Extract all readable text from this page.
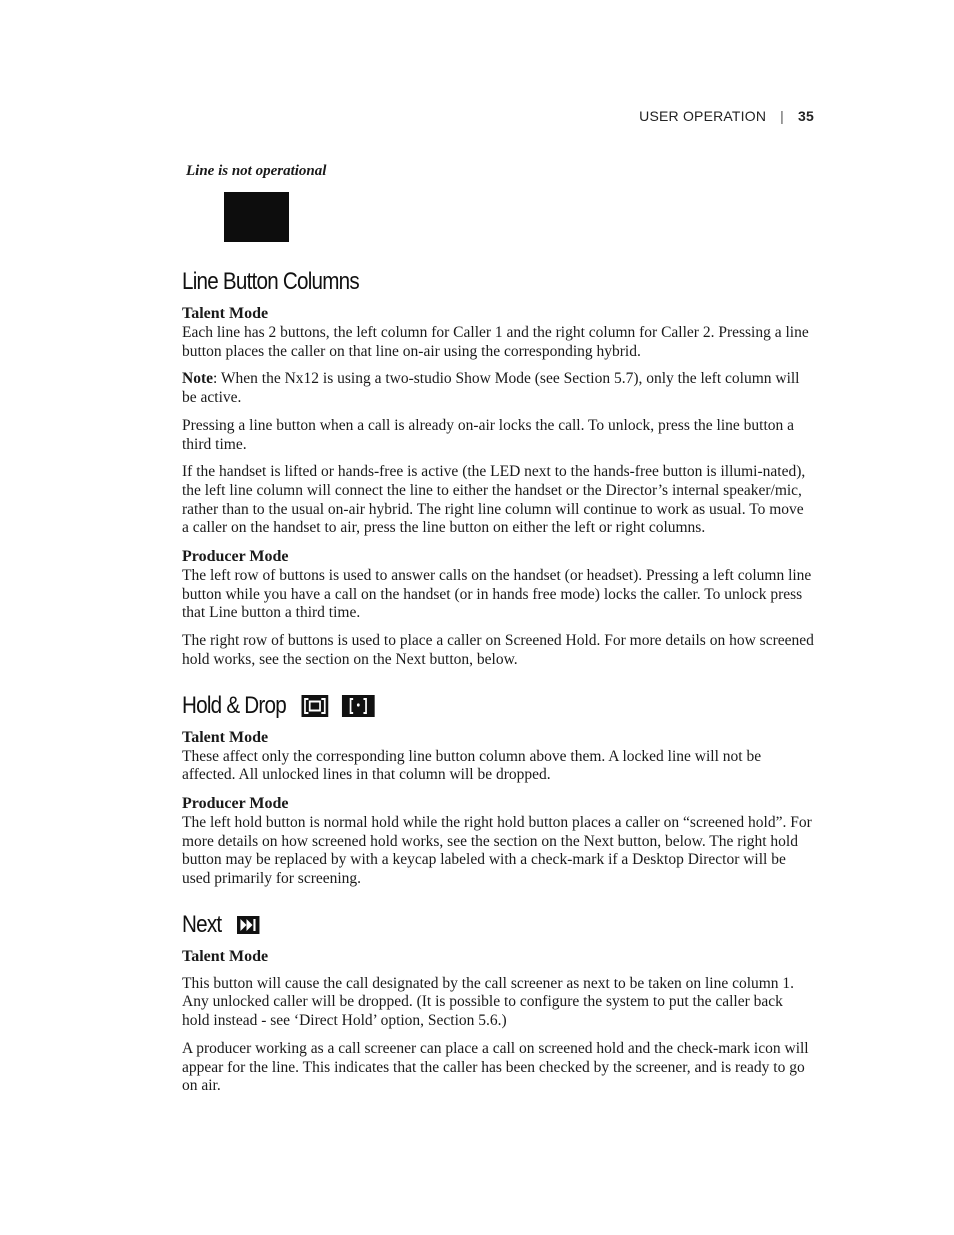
USER OPERATION | 35
Line is not operational
Line Button Columns
Talent Mode

Each line has 2 buttons, the left column for Caller 1 and the right column for Caller 2. Pressing a line button places the caller on that line on-air using the corresponding hybrid.

Note: When the Nx12 is using a two-studio Show Mode (see Section 5.7), only the left column will be active.

Pressing a line button when a call is already on-air locks the call. To unlock, press the line button a third time.

If the handset is lifted or hands-free is active (the LED next to the hands-free button is illumi-nated), the left line column will connect the line to either the handset or the Director’s internal speaker/mic, rather than to the usual on-air hybrid. The right line column will continue to work as usual. To move a caller on the handset to air, press the line button on either the left or right columns.

Producer Mode

The left row of buttons is used to answer calls on the handset (or headset). Pressing a left column line button while you have a call on the handset (or in hands free mode) locks the caller. To unlock press that Line button a third time.

The right row of buttons is used to place a caller on Screened Hold. For more details on how screened hold works, see the section on the Next button, below.

Hold & Drop
Talent Mode

These affect only the corresponding line button column above them. A locked line will not be affected. All unlocked lines in that column will be dropped.

Producer Mode

The left hold button is normal hold while the right hold button places a caller on “screened hold”. For more details on how screened hold works, see the section on the Next button, below. The right hold button may be replaced by with a keycap labeled with a check-mark if a Desktop Director will be used primarily for screening.

Next
Talent Mode

This button will cause the call designated by the call screener as next to be taken on line column 1. Any unlocked caller will be dropped. (It is possible to configure the system to put the caller back hold instead - see ‘Direct Hold’ option, Section 5.6.)

A producer working as a call screener can place a call on screened hold and the check-mark icon will appear for the line. This indicates that the caller has been checked by the screener, and is ready to go on air.
